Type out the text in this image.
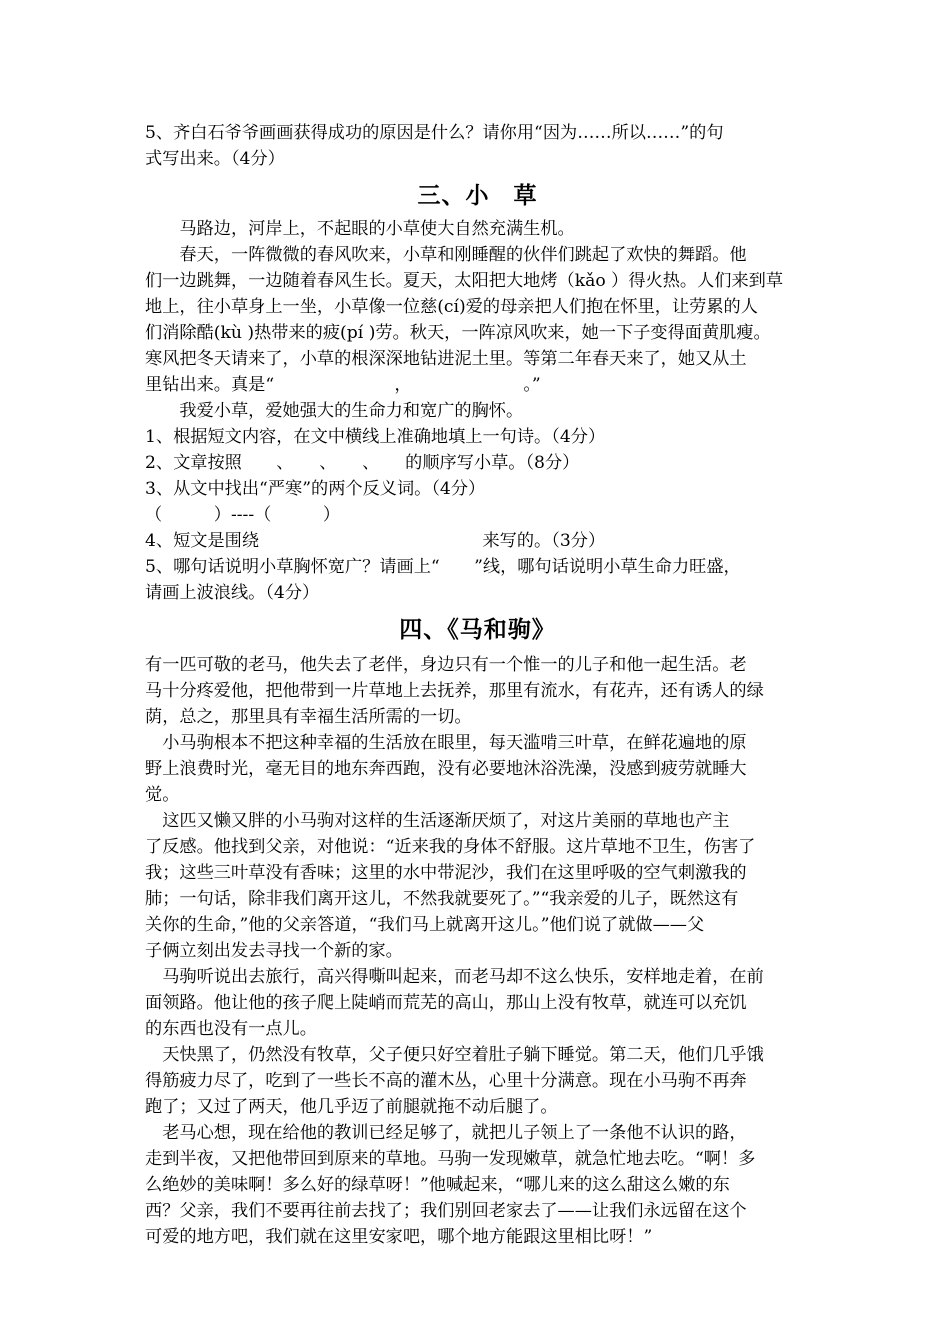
5、齐白石爷爷画画获得成功的原因是什么？请你用“因为……所以……”的句
式写出来。（4分）
三、小　草
　　马路边，河岸上，不起眼的小草使大自然充满生机。
　　春天，一阵微微的春风吹来，小草和刚睡醒的伙伴们跳起了欢快的舞蹈。他
们一边跳舞，一边随着春风生长。夏天，太阳把大地烤（kǎo ）得火热。人们来到草
地上，往小草身上一坐，小草像一位慈(cí)爱的母亲把人们抱在怀里，让劳累的人
们消除酷(kù )热带来的疲(pí )劳。秋天，一阵凉风吹来，她一下子变得面黄肌瘦。
寒风把冬天请来了，小草的根深深地钻进泥土里。等第二年春天来了，她又从土
里钻出来。真是“　　　　　　　，　　　　　　　。”
　　我爱小草，爱她强大的生命力和宽广的胸怀。
1、根据短文内容，在文中横线上准确地填上一句诗。（4分）
2、文章按照　　、　　、　　、　　的顺序写小草。（8分）
3、从文中找出“严寒”的两个反义词。（4分）
（　　　）----（　　　）
4、短文是围绕　　　　　　　　　　　　　来写的。（3分）
5、哪句话说明小草胸怀宽广？请画上“　　”线，哪句话说明小草生命力旺盛，
请画上波浪线。（4分）
四、《马和驹》
有一匹可敬的老马，他失去了老伴，身边只有一个惟一的儿子和他一起生活。老
马十分疼爱他，把他带到一片草地上去抚养，那里有流水，有花卉，还有诱人的绿
荫，总之，那里具有幸福生活所需的一切。
　小马驹根本不把这种幸福的生活放在眼里，每天滥啃三叶草，在鲜花遍地的原
野上浪费时光，毫无目的地东奔西跑，没有必要地沐浴洗澡，没感到疲劳就睡大
觉。
　这匹又懒又胖的小马驹对这样的生活逐渐厌烦了，对这片美丽的草地也产主
了反感。他找到父亲，对他说：“近来我的身体不舒服。这片草地不卫生，伤害了
我；这些三叶草没有香味；这里的水中带泥沙，我们在这里呼吸的空气刺激我的
肺；一句话，除非我们离开这儿，不然我就要死了。”“我亲爱的儿子，既然这有
关你的生命，”他的父亲答道，“我们马上就离开这儿。”他们说了就做——父
子俩立刻出发去寻找一个新的家。
　马驹听说出去旅行，高兴得嘶叫起来，而老马却不这么快乐，安样地走着，在前
面领路。他让他的孩子爬上陡峭而荒芜的高山，那山上没有牧草，就连可以充饥
的东西也没有一点儿。
　天快黑了，仍然没有牧草，父子便只好空着肚子躺下睡觉。第二天，他们几乎饿
得筋疲力尽了，吃到了一些长不高的灌木丛，心里十分满意。现在小马驹不再奔
跑了；又过了两天，他几乎迈了前腿就拖不动后腿了。
　老马心想，现在给他的教训已经足够了，就把儿子领上了一条他不认识的路，
走到半夜，又把他带回到原来的草地。马驹一发现嫩草，就急忙地去吃。“啊！多
么绝妙的美味啊！多么好的绿草呀！”他喊起来，“哪儿来的这么甜这么嫩的东
西？父亲，我们不要再往前去找了；我们别回老家去了——让我们永远留在这个
可爱的地方吧，我们就在这里安家吧，哪个地方能跟这里相比呀！”
